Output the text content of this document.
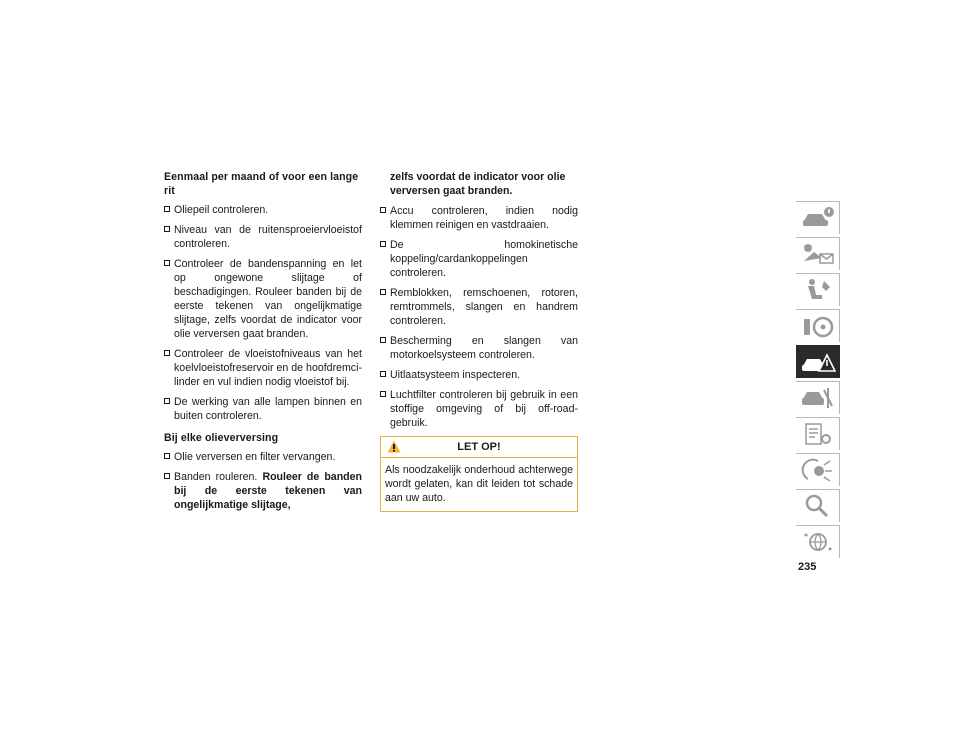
Eenmaal per maand of voor een lange rit
Oliepeil controleren.
Niveau van de ruitensproeiervloeistof controleren.
Controleer de bandenspanning en let op ongewone slijtage of beschadigingen. Rouleer banden bij de eerste tekenen van ongelijkmatige slijtage, zelfs voordat de indicator voor olie verversen gaat branden.
Controleer de vloeistofniveaus van het koelvloeistofreservoir en de hoofdremcilinder en vul indien nodig vloeistof bij.
De werking van alle lampen binnen en buiten controleren.
Bij elke olieverversing
Olie verversen en filter vervangen.
Banden rouleren. Rouleer de banden bij de eerste tekenen van ongelijkmatige slijtage,
zelfs voordat de indicator voor olie verversen gaat branden.
Accu controleren, indien nodig klemmen reinigen en vastdraaien.
De homokinetische koppeling/cardankoppelingen controleren.
Remblokken, remschoenen, rotoren, remtrommels, slangen en handrem controleren.
Bescherming en slangen van motorkoelsysteem controleren.
Uitlaatsysteem inspecteren.
Luchtfilter controleren bij gebruik in een stoffige omgeving of bij off-road-gebruik.
LET OP!
Als noodzakelijk onderhoud achterwege wordt gelaten, kan dit leiden tot schade aan uw auto.
235
